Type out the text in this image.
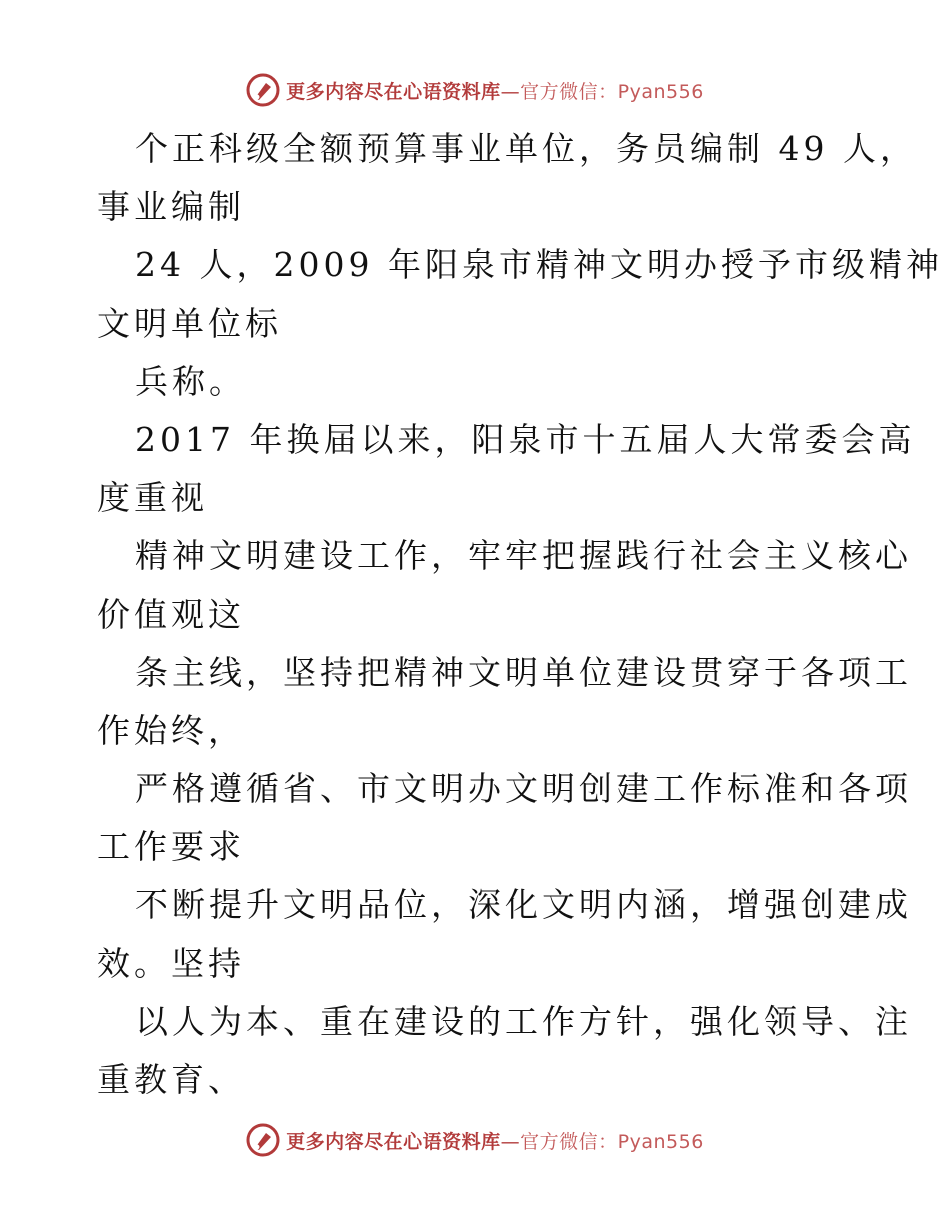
更多内容尽在心语资料库—官方微信：Pyan556
个正科级全额预算事业单位，务员编制 49 人，
事业编制
24 人，2009 年阳泉市精神文明办授予市级精神
文明单位标
兵称。
2017 年换届以来，阳泉市十五届人大常委会高
度重视
精神文明建设工作，牢牢把握践行社会主义核心
价值观这
条主线，坚持把精神文明单位建设贯穿于各项工
作始终，
严格遵循省、市文明办文明创建工作标准和各项
工作要求
不断提升文明品位，深化文明内涵，增强创建成
效。坚持
以人为本、重在建设的工作方针，强化领导、注
重教育、
更多内容尽在心语资料库—官方微信：Pyan556
